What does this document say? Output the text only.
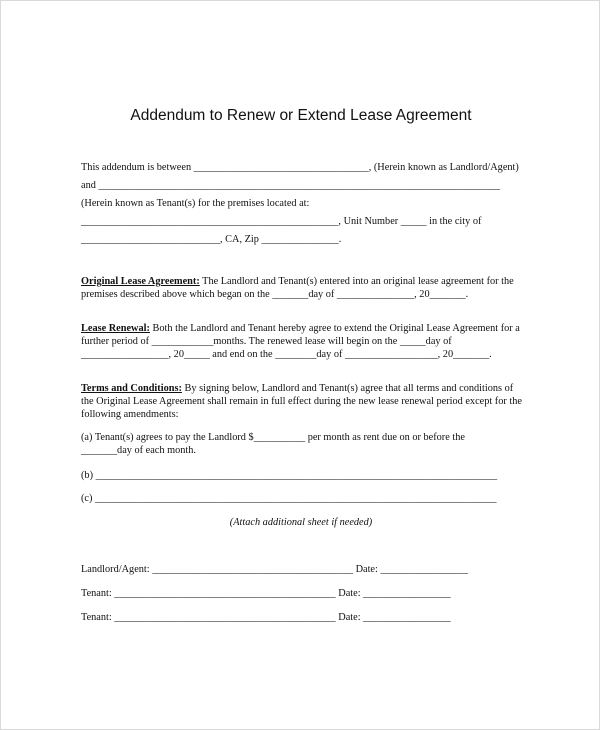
Addendum to Renew or Extend Lease Agreement
This addendum is between __________________________________, (Herein known as Landlord/Agent)
and ______________________________________________________________________________
(Herein known as Tenant(s) for the premises located at:
__________________________________________________, Unit Number _____ in the city of
___________________________, CA, Zip _______________.
Original Lease Agreement: The Landlord and Tenant(s) entered into an original lease agreement for the
premises described above which began on the _______day of _______________, 20_______.
Lease Renewal: Both the Landlord and Tenant hereby agree to extend the Original Lease Agreement for a
further period of ____________months. The renewed lease will begin on the _____day of
_________________, 20_____ and end on the ________day of __________________, 20_______.
Terms and Conditions: By signing below, Landlord and Tenant(s) agree that all terms and conditions of
the Original Lease Agreement shall remain in full effect during the new lease renewal period except for the
following amendments:
(a) Tenant(s) agrees to pay the Landlord $__________ per month as rent due on or before the
_______day of each month.
(b) ______________________________________________________________________________
(c) ______________________________________________________________________________
(Attach additional sheet if needed)
Landlord/Agent: _______________________________________ Date: _________________
Tenant: ___________________________________________ Date: _________________
Tenant: ___________________________________________ Date: _________________
